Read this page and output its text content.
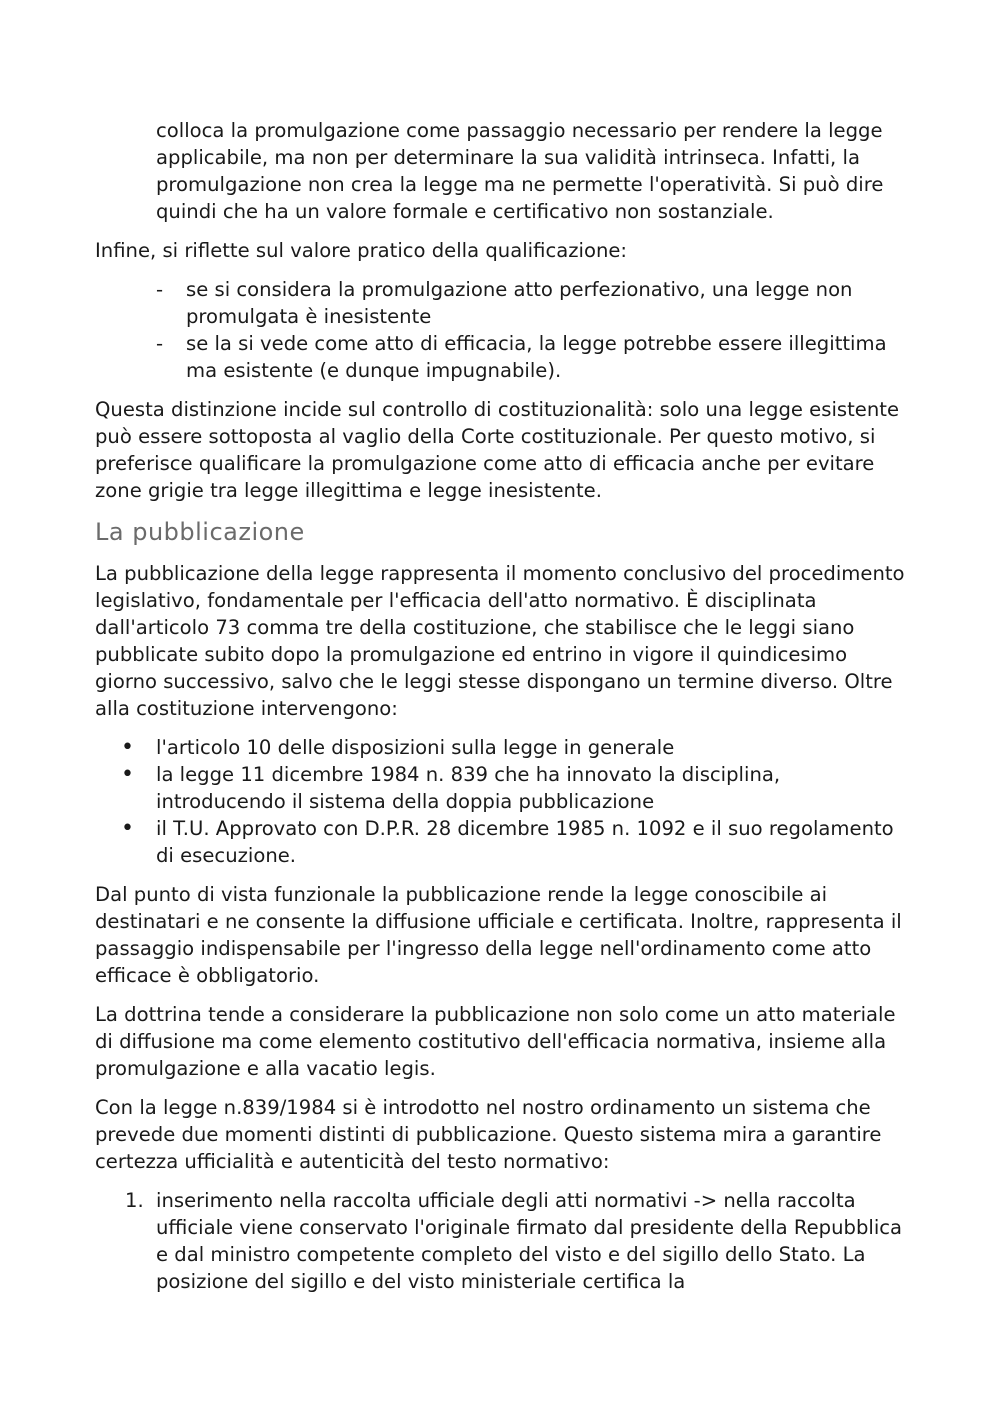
colloca la promulgazione come passaggio necessario per rendere la legge applicabile, ma non per determinare la sua validità intrinseca. Infatti, la promulgazione non crea la legge ma ne permette l'operatività. Si può dire quindi che ha un valore formale e certificativo non sostanziale.

Infine, si riflette sul valore pratico della qualificazione:

- se si considera la promulgazione atto perfezionativo, una legge non promulgata è inesistente
- se la si vede come atto di efficacia, la legge potrebbe essere illegittima ma esistente (e dunque impugnabile).

Questa distinzione incide sul controllo di costituzionalità: solo una legge esistente può essere sottoposta al vaglio della Corte costituzionale. Per questo motivo, si preferisce qualificare la promulgazione come atto di efficacia anche per evitare zone grigie tra legge illegittima e legge inesistente.

La pubblicazione

La pubblicazione della legge rappresenta il momento conclusivo del procedimento legislativo, fondamentale per l'efficacia dell'atto normativo. È disciplinata dall'articolo 73 comma tre della costituzione, che stabilisce che le leggi siano pubblicate subito dopo la promulgazione ed entrino in vigore il quindicesimo giorno successivo, salvo che le leggi stesse dispongano un termine diverso. Oltre alla costituzione intervengono:

• l'articolo 10 delle disposizioni sulla legge in generale
• la legge 11 dicembre 1984 n. 839 che ha innovato la disciplina, introducendo il sistema della doppia pubblicazione
• il T.U. Approvato con D.P.R. 28 dicembre 1985 n. 1092 e il suo regolamento di esecuzione.

Dal punto di vista funzionale la pubblicazione rende la legge conoscibile ai destinatari e ne consente la diffusione ufficiale e certificata. Inoltre, rappresenta il passaggio indispensabile per l'ingresso della legge nell'ordinamento come atto efficace è obbligatorio.

La dottrina tende a considerare la pubblicazione non solo come un atto materiale di diffusione ma come elemento costitutivo dell'efficacia normativa, insieme alla promulgazione e alla vacatio legis.

Con la legge n.839/1984 si è introdotto nel nostro ordinamento un sistema che prevede due momenti distinti di pubblicazione. Questo sistema mira a garantire certezza ufficialità e autenticità del testo normativo:

1. inserimento nella raccolta ufficiale degli atti normativi -> nella raccolta ufficiale viene conservato l'originale firmato dal presidente della Repubblica e dal ministro competente completo del visto e del sigillo dello Stato. La posizione del sigillo e del visto ministeriale certifica la
